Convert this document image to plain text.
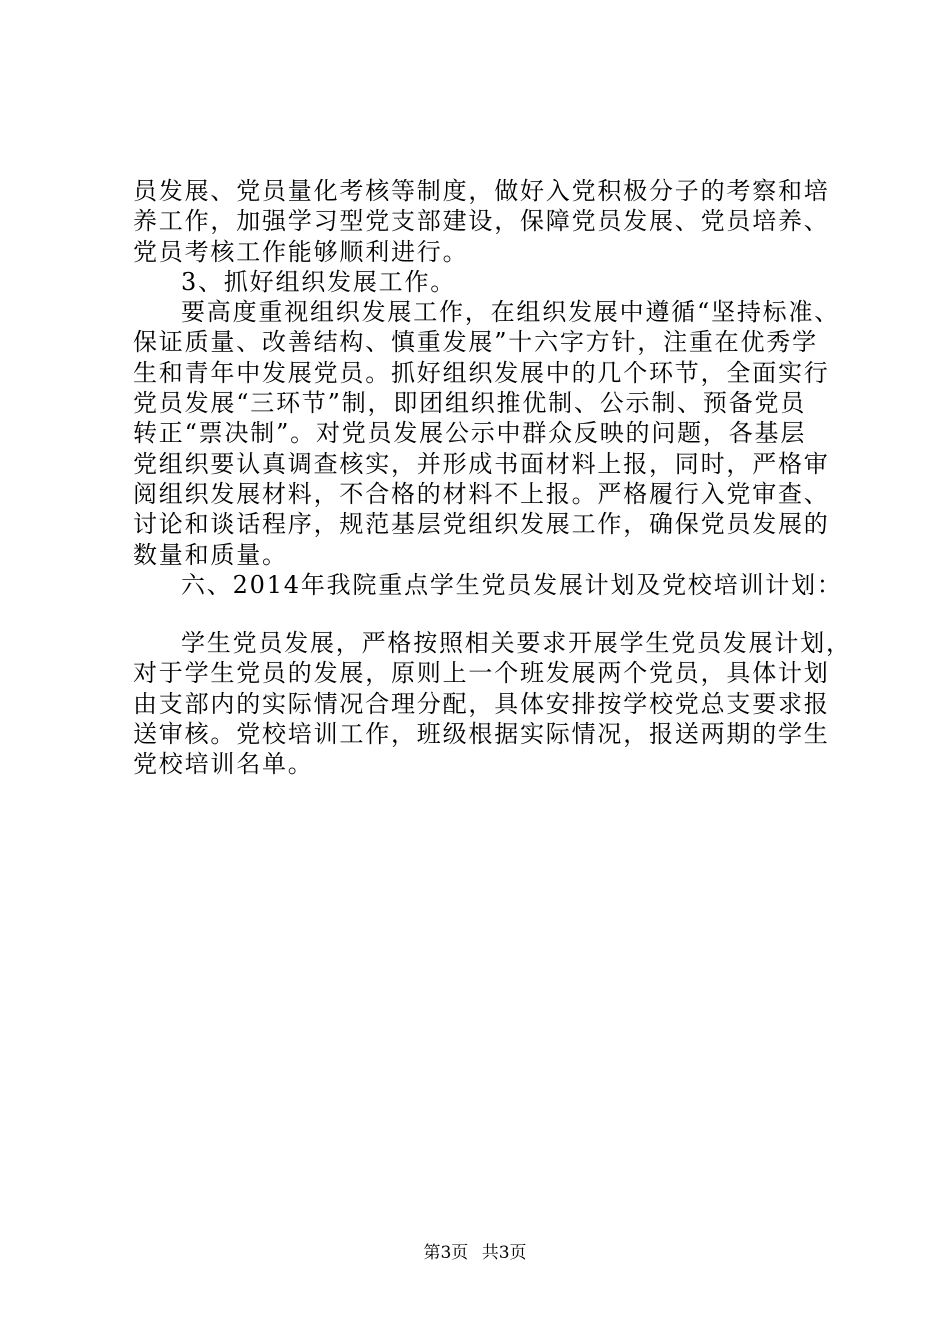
员发展、党员量化考核等制度，做好入党积极分子的考察和培
养工作，加强学习型党支部建设，保障党员发展、党员培养、
党员考核工作能够顺利进行。
3、抓好组织发展工作。
要高度重视组织发展工作，在组织发展中遵循“坚持标准、
保证质量、改善结构、慎重发展”十六字方针，注重在优秀学
生和青年中发展党员。抓好组织发展中的几个环节，全面实行
党员发展“三环节”制，即团组织推优制、公示制、预备党员
转正“票决制”。对党员发展公示中群众反映的问题，各基层
党组织要认真调查核实，并形成书面材料上报，同时，严格审
阅组织发展材料，不合格的材料不上报。严格履行入党审查、
讨论和谈话程序，规范基层党组织发展工作，确保党员发展的
数量和质量。
六、2014年我院重点学生党员发展计划及党校培训计划：
学生党员发展，严格按照相关要求开展学生党员发展计划，
对于学生党员的发展，原则上一个班发展两个党员，具体计划
由支部内的实际情况合理分配，具体安排按学校党总支要求报
送审核。党校培训工作，班级根据实际情况，报送两期的学生
党校培训名单。
第3页 共3页
